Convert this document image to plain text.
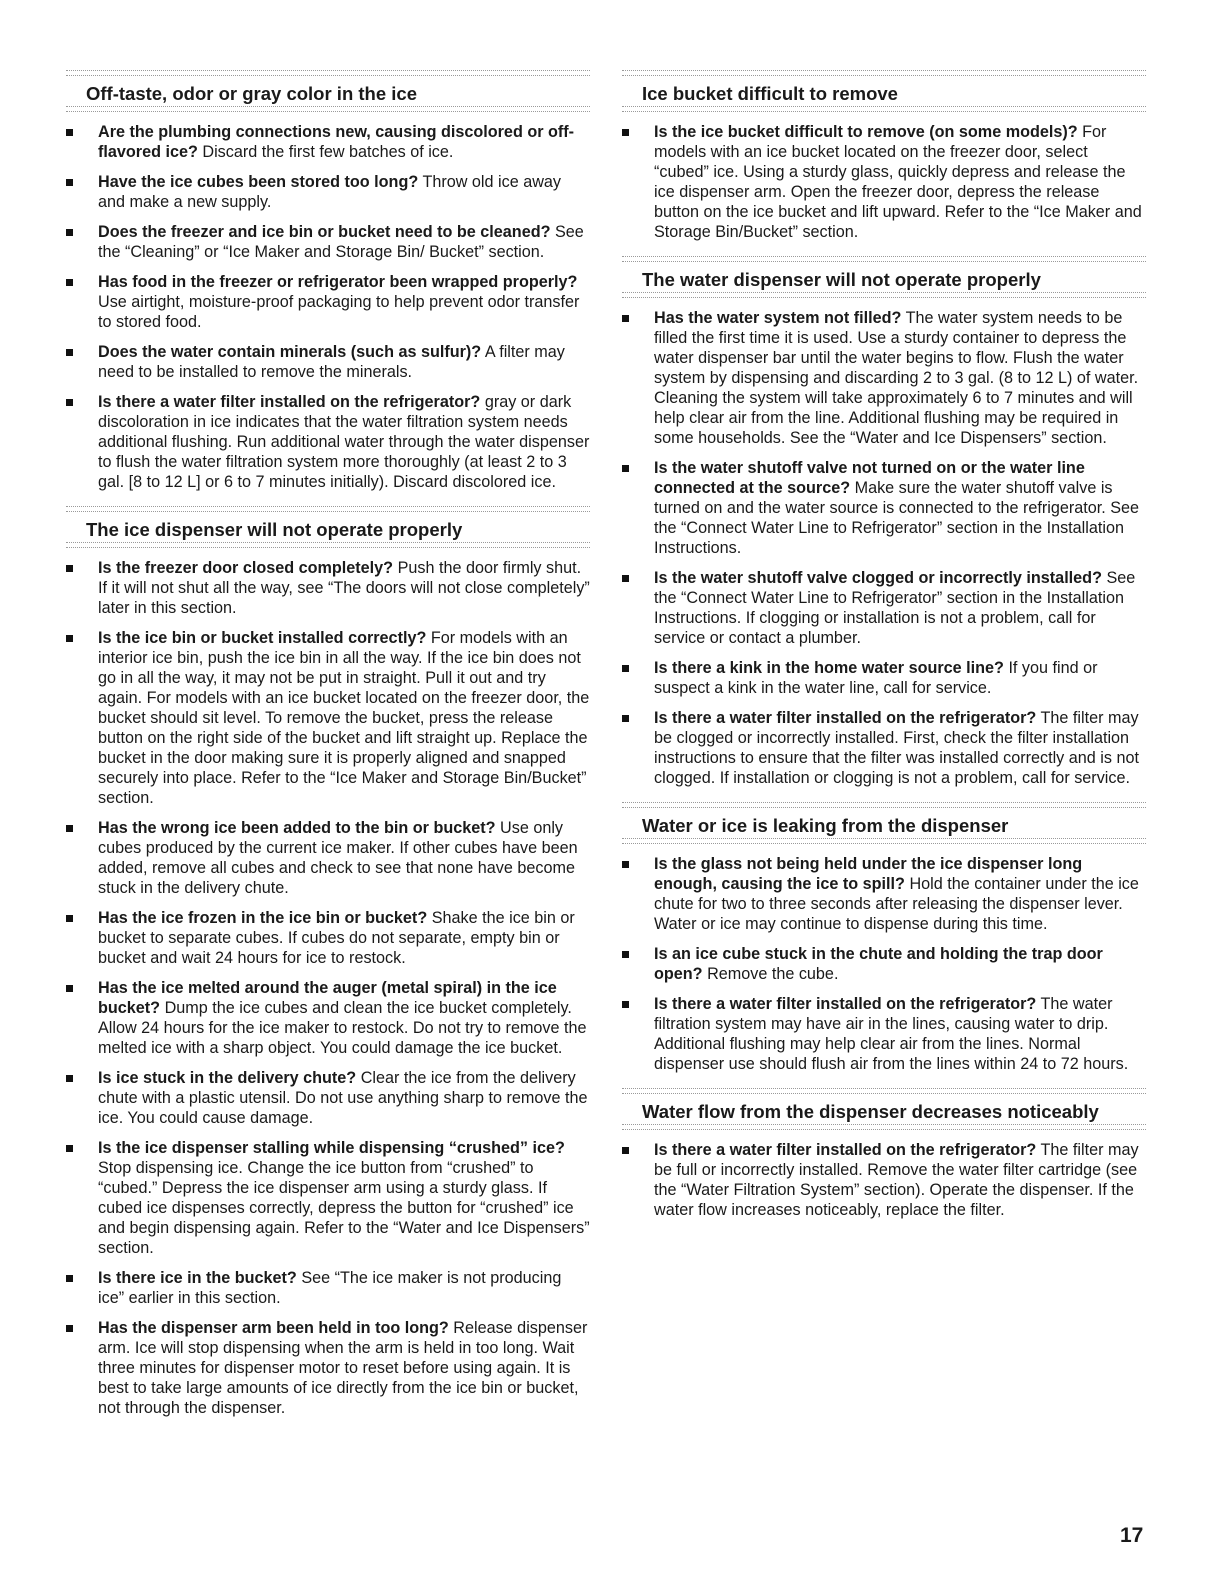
Off-taste, odor or gray color in the ice
Are the plumbing connections new, causing discolored or off-flavored ice? Discard the first few batches of ice.
Have the ice cubes been stored too long? Throw old ice away and make a new supply.
Does the freezer and ice bin or bucket need to be cleaned? See the “Cleaning” or “Ice Maker and Storage Bin/ Bucket” section.
Has food in the freezer or refrigerator been wrapped properly? Use airtight, moisture-proof packaging to help prevent odor transfer to stored food.
Does the water contain minerals (such as sulfur)? A filter may need to be installed to remove the minerals.
Is there a water filter installed on the refrigerator? gray or dark discoloration in ice indicates that the water filtration system needs additional flushing. Run additional water through the water dispenser to flush the water filtration system more thoroughly (at least 2 to 3 gal. [8 to 12 L] or 6 to 7 minutes initially). Discard discolored ice.
The ice dispenser will not operate properly
Is the freezer door closed completely? Push the door firmly shut. If it will not shut all the way, see “The doors will not close completely” later in this section.
Is the ice bin or bucket installed correctly? For models with an interior ice bin, push the ice bin in all the way. If the ice bin does not go in all the way, it may not be put in straight. Pull it out and try again. For models with an ice bucket located on the freezer door, the bucket should sit level. To remove the bucket, press the release button on the right side of the bucket and lift straight up. Replace the bucket in the door making sure it is properly aligned and snapped securely into place. Refer to the “Ice Maker and Storage Bin/Bucket” section.
Has the wrong ice been added to the bin or bucket? Use only cubes produced by the current ice maker. If other cubes have been added, remove all cubes and check to see that none have become stuck in the delivery chute.
Has the ice frozen in the ice bin or bucket? Shake the ice bin or bucket to separate cubes. If cubes do not separate, empty bin or bucket and wait 24 hours for ice to restock.
Has the ice melted around the auger (metal spiral) in the ice bucket? Dump the ice cubes and clean the ice bucket completely. Allow 24 hours for the ice maker to restock. Do not try to remove the melted ice with a sharp object. You could damage the ice bucket.
Is ice stuck in the delivery chute? Clear the ice from the delivery chute with a plastic utensil. Do not use anything sharp to remove the ice. You could cause damage.
Is the ice dispenser stalling while dispensing “crushed” ice? Stop dispensing ice. Change the ice button from “crushed” to “cubed.” Depress the ice dispenser arm using a sturdy glass. If cubed ice dispenses correctly, depress the button for “crushed” ice and begin dispensing again. Refer to the “Water and Ice Dispensers” section.
Is there ice in the bucket? See “The ice maker is not producing ice” earlier in this section.
Has the dispenser arm been held in too long? Release dispenser arm. Ice will stop dispensing when the arm is held in too long. Wait three minutes for dispenser motor to reset before using again. It is best to take large amounts of ice directly from the ice bin or bucket, not through the dispenser.
Ice bucket difficult to remove
Is the ice bucket difficult to remove (on some models)? For models with an ice bucket located on the freezer door, select “cubed” ice. Using a sturdy glass, quickly depress and release the ice dispenser arm. Open the freezer door, depress the release button on the ice bucket and lift upward. Refer to the “Ice Maker and Storage Bin/Bucket” section.
The water dispenser will not operate properly
Has the water system not filled? The water system needs to be filled the first time it is used. Use a sturdy container to depress the water dispenser bar until the water begins to flow. Flush the water system by dispensing and discarding 2 to 3 gal. (8 to 12 L) of water. Cleaning the system will take approximately 6 to 7 minutes and will help clear air from the line. Additional flushing may be required in some households. See the “Water and Ice Dispensers” section.
Is the water shutoff valve not turned on or the water line connected at the source? Make sure the water shutoff valve is turned on and the water source is connected to the refrigerator. See the “Connect Water Line to Refrigerator” section in the Installation Instructions.
Is the water shutoff valve clogged or incorrectly installed? See the “Connect Water Line to Refrigerator” section in the Installation Instructions. If clogging or installation is not a problem, call for service or contact a plumber.
Is there a kink in the home water source line? If you find or suspect a kink in the water line, call for service.
Is there a water filter installed on the refrigerator? The filter may be clogged or incorrectly installed. First, check the filter installation instructions to ensure that the filter was installed correctly and is not clogged. If installation or clogging is not a problem, call for service.
Water or ice is leaking from the dispenser
Is the glass not being held under the ice dispenser long enough, causing the ice to spill? Hold the container under the ice chute for two to three seconds after releasing the dispenser lever. Water or ice may continue to dispense during this time.
Is an ice cube stuck in the chute and holding the trap door open? Remove the cube.
Is there a water filter installed on the refrigerator? The water filtration system may have air in the lines, causing water to drip. Additional flushing may help clear air from the lines. Normal dispenser use should flush air from the lines within 24 to 72 hours.
Water flow from the dispenser decreases noticeably
Is there a water filter installed on the refrigerator? The filter may be full or incorrectly installed. Remove the water filter cartridge (see the “Water Filtration System” section). Operate the dispenser. If the water flow increases noticeably, replace the filter.
17
